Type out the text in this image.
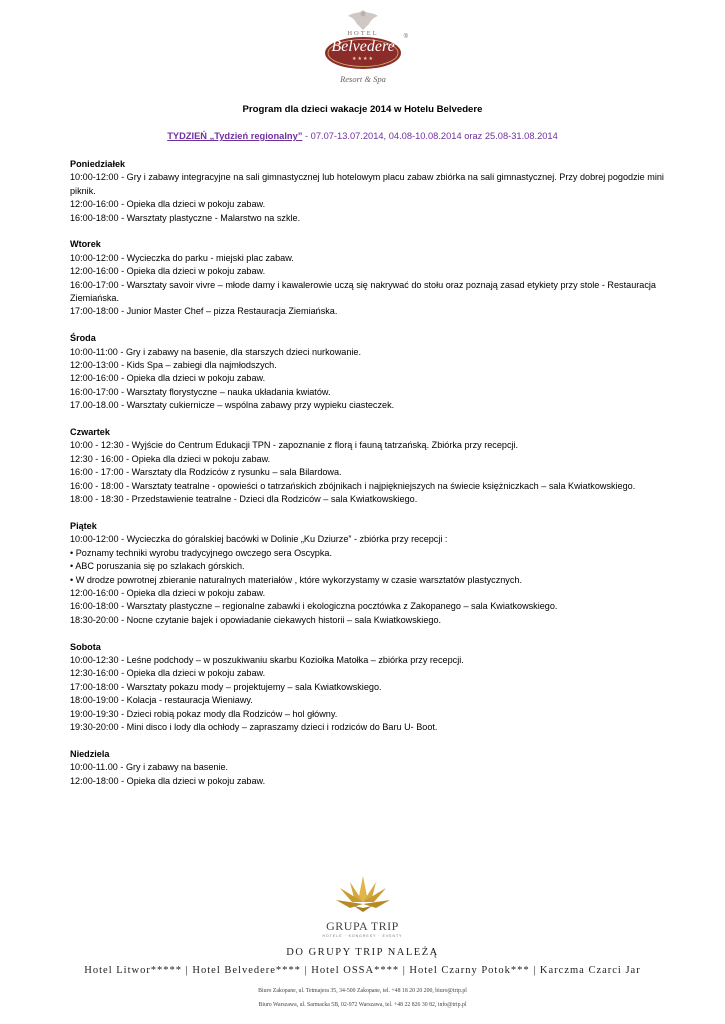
HOTEL	®
Belvedere
★★★★
Resort & Spa
Program dla dzieci wakacje 2014 w Hotelu Belvedere
TYDZIEŃ „Tydzień regionalny” - 07.07-13.07.2014, 04.08-10.08.2014 oraz 25.08-31.08.2014
Poniedziałek
10:00-12:00 - Gry i zabawy integracyjne na sali gimnastycznej lub hotelowym placu zabaw zbiórka na sali gimnastycznej. Przy dobrej pogodzie mini piknik.
12:00-16:00 - Opieka dla dzieci w pokoju zabaw.
16:00-18:00 - Warsztaty plastyczne - Malarstwo na szkle.
Wtorek
10:00-12:00 - Wycieczka do parku - miejski plac zabaw.
12:00-16:00 - Opieka dla dzieci w pokoju zabaw.
16:00-17:00 - Warsztaty savoir vivre – młode damy i kawalerowie uczą się nakrywać do stołu oraz poznają zasad etykiety przy stole - Restauracja Ziemiańska.
17:00-18:00 - Junior Master Chef – pizza Restauracja Ziemiańska.
Środa
10:00-11:00 - Gry i zabawy na basenie, dla starszych dzieci nurkowanie.
12:00-13:00 - Kids Spa – zabiegi dla najmłodszych.
12:00-16:00 - Opieka dla dzieci w pokoju zabaw.
16:00-17:00 - Warsztaty florystyczne – nauka układania kwiatów.
17.00-18.00 - Warsztaty cukiernicze – wspólna zabawy przy wypieku ciasteczek.
Czwartek
10:00 - 12:30 - Wyjście do Centrum Edukacji TPN - zapoznanie z florą i fauną tatrzańską. Zbiórka przy recepcji.
12:30 - 16:00 - Opieka dla dzieci w pokoju zabaw.
16:00 - 17:00 - Warsztaty dla Rodziców z rysunku – sala Bilardowa.
16:00 - 18:00 - Warsztaty teatralne - opowieści o tatrzańskich zbójnikach i najpiękniejszych na świecie księżniczkach – sala Kwiatkowskiego.
18:00 - 18:30 - Przedstawienie teatralne - Dzieci dla Rodziców – sala Kwiatkowskiego.
Piątek
10:00-12:00 - Wycieczka do góralskiej bacówki w Dolinie „Ku Dziurze” - zbiórka przy recepcji :
• Poznamy techniki wyrobu tradycyjnego owczego sera Oscypka.
• ABC poruszania się po szlakach górskich.
• W drodze powrotnej zbieranie naturalnych materiałów , które wykorzystamy w czasie warsztatów plastycznych.
12:00-16:00 - Opieka dla dzieci w pokoju zabaw.
16:00-18:00 - Warsztaty plastyczne – regionalne zabawki i ekologiczna pocztówka z Zakopanego – sala Kwiatkowskiego.
18:30-20:00 - Nocne czytanie bajek i opowiadanie ciekawych historii – sala Kwiatkowskiego.
Sobota
10:00-12:30 - Leśne podchody – w poszukiwaniu skarbu Koziołka Matołka – zbiórka przy recepcji.
12:30-16:00 - Opieka dla dzieci w pokoju zabaw.
17:00-18:00 - Warsztaty pokazu mody – projektujemy – sala Kwiatkowskiego.
18:00-19:00 - Kolacja - restauracja Wieniawy.
19:00-19:30 - Dzieci robią pokaz mody dla Rodziców – hol główny.
19:30-20:00 - Mini disco i lody dla ochłody – zapraszamy dzieci i rodziców do Baru U- Boot.
Niedziela
10:00-11.00 - Gry i zabawy na basenie.
12:00-18:00 - Opieka dla dzieci w pokoju zabaw.
GRUPA TRIP
HOTELE · KONGRESY · EVENTY
DO GRUPY TRIP NALEŻĄ
Hotel Litwor***** | Hotel Belvedere**** | Hotel OSSA**** | Hotel Czarny Potok*** | Karczma Czarci Jar
Biuro Zakopane, ul. Tetmajera 35, 34-500 Zakopane, tel. +48 18 20 20 200, biuro@trip.pl
Biuro Warszawa, ul. Sarmacka 5B, 02-972 Warszawa, tel. +48 22 826 30 82, info@trip.pl
